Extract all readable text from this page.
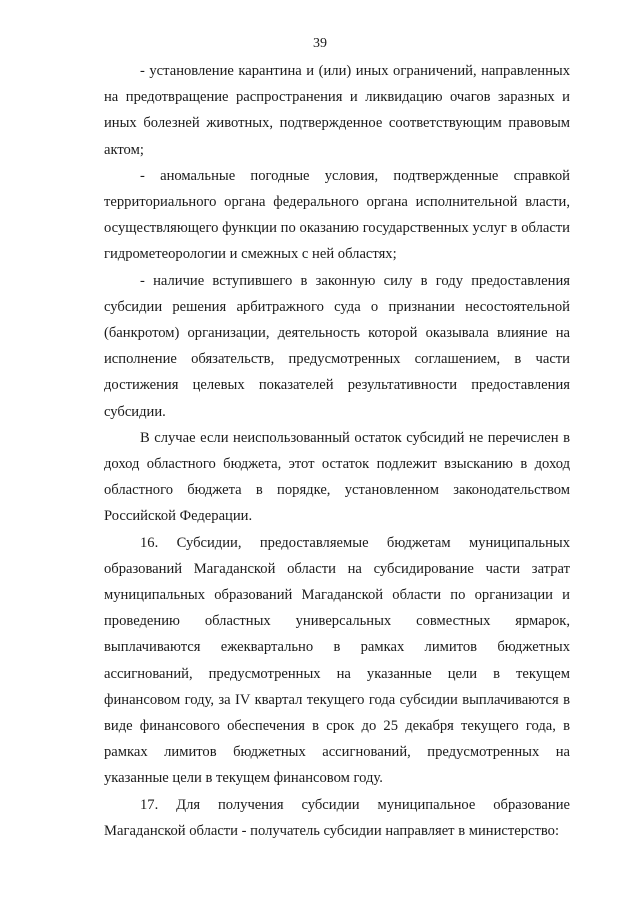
39

- установление карантина и (или) иных ограничений, направленных на предотвращение распространения и ликвидацию очагов заразных и иных болезней животных, подтвержденное соответствующим правовым актом;

- аномальные погодные условия, подтвержденные справкой территориального органа федерального органа исполнительной власти, осуществляющего функции по оказанию государственных услуг в области гидрометеорологии и смежных с ней областях;

- наличие вступившего в законную силу в году предоставления субсидии решения арбитражного суда о признании несостоятельной (банкротом) организации, деятельность которой оказывала влияние на исполнение обязательств, предусмотренных соглашением, в части достижения целевых показателей результативности предоставления субсидии.

В случае если неиспользованный остаток субсидий не перечислен в доход областного бюджета, этот остаток подлежит взысканию в доход областного бюджета в порядке, установленном законодательством Российской Федерации.

16. Субсидии, предоставляемые бюджетам муниципальных образований Магаданской области на субсидирование части затрат муниципальных образований Магаданской области по организации и проведению областных универсальных совместных ярмарок, выплачиваются ежеквартально в рамках лимитов бюджетных ассигнований, предусмотренных на указанные цели в текущем финансовом году, за IV квартал текущего года субсидии выплачиваются в виде финансового обеспечения в срок до 25 декабря текущего года, в рамках лимитов бюджетных ассигнований, предусмотренных на указанные цели в текущем финансовом году.

17. Для получения субсидии муниципальное образование Магаданской области - получатель субсидии направляет в министерство:
